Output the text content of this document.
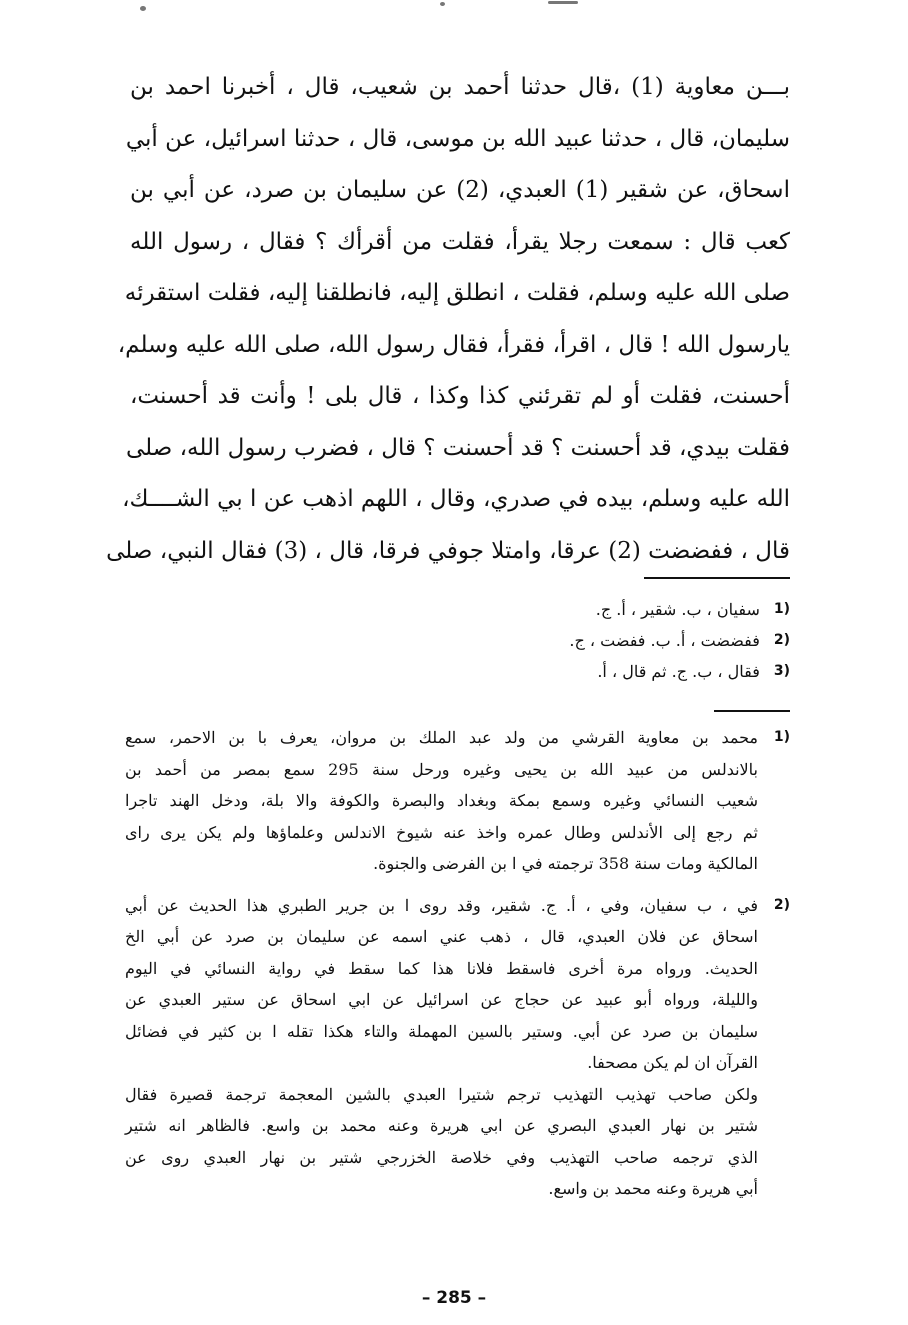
بـــن معاوية (1) ،قال حدثنا أحمد بن شعيب، قال ، أخبرنا احمد بن
سليمان، قال ، حدثنا عبيد الله بن موسى، قال ، حدثنا اسرائيل، عن أبي
اسحاق، عن شقير (1) العبدي، (2) عن سليمان بن صرد، عن أبي بن
كعب قال : سمعت رجلا يقرأ، فقلت من أقرأك ؟ فقال ، رسول الله
صلى الله عليه وسلم، فقلت ، انطلق إليه، فانطلقنا إليه، فقلت استقرئه
يارسول الله ! قال ، اقرأ، فقرأ، فقال رسول الله، صلى الله عليه وسلم،
أحسنت، فقلت أو لم تقرئني كذا وكذا ، قال بلى ! وأنت قد أحسنت،
فقلت بيدي، قد أحسنت ؟ قد أحسنت ؟ قال ، فضرب رسول الله، صلى
الله عليه وسلم، بيده في صدري، وقال ، اللهم اذهب عن ا بي الشــــك،
قال ، ففضضت (2) عرقا، وامتلا جوفي فرقا، قال ، (3) فقال النبي، صلى
(1
سفيان ، ب. شقير ، أ. ج.
(2
ففضضت ، أ. ب. ففضت ، ج.
(3
فقال ، ب. ج. ثم قال ، أ.
(1
محمد بن معاوية القرشي من ولد عبد الملك بن مروان، يعرف با بن الاحمر، سمع
بالاندلس من عبيد الله بن يحيى وغيره ورحل سنة 295 سمع بمصر من أحمد بن
شعيب النسائي وغيره وسمع بمكة وبغداد والبصرة والكوفة والا بلة، ودخل الهند تاجرا
ثم رجع إلى الأندلس وطال عمره واخذ عنه شيوخ الاندلس وعلماؤها ولم يكن يرى راى
المالكية ومات سنة 358 ترجمته في ا بن الفرضى والجنوة.
(2
في ، ب سفيان، وفي ، أ. ج. شقير، وقد روى ا بن جرير الطبري هذا الحديث عن أبي
اسحاق عن فلان العبدي، قال ، ذهب عني اسمه عن سليمان بن صرد عن أبي الخ
الحديث. ورواه مرة أخرى فاسقط فلانا هذا كما سقط في رواية النسائي في اليوم
والليلة، ورواه أبو عبيد عن حجاج عن اسرائيل عن ابي اسحاق عن ستير العبدي عن
سليمان بن صرد عن أبي. وستير بالسين المهملة والتاء هكذا تقله ا بن كثير في فضائل
القرآن ان لم يكن مصحفا.
ولكن صاحب تهذيب التهذيب ترجم شتيرا العبدي بالشين المعجمة ترجمة قصيرة فقال
شتير بن نهار العبدي البصري عن ابي هريرة وعنه محمد بن واسع. فالظاهر انه شتير
الذي ترجمه صاحب التهذيب وفي خلاصة الخزرجي شتير بن نهار العبدي روى عن
أبي هريرة وعنه محمد بن واسع.
– 285 –
